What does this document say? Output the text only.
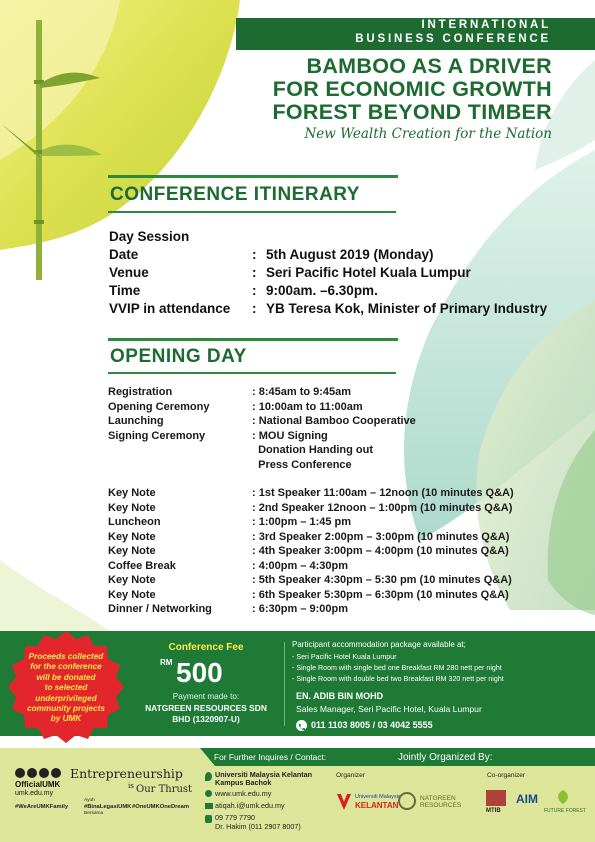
INTERNATIONAL
BUSINESS CONFERENCE
BAMBOO AS A DRIVER
FOR ECONOMIC GROWTH
FOREST BEYOND TIMBER
New Wealth Creation for the Nation
CONFERENCE ITINERARY
Day Session
Date	: 5th August 2019 (Monday)
Venue	: Seri Pacific Hotel Kuala Lumpur
Time	: 9:00am. –6.30pm.
VVIP in attendance : YB Teresa Kok, Minister of Primary Industry
OPENING DAY
Registration	: 8:45am to 9:45am
Opening Ceremony	: 10:00am to 11:00am
Launching	: National Bamboo Cooperative
Signing Ceremony	: MOU Signing
Donation Handing out
Press Conference
Key Note	: 1st Speaker 11:00am – 12noon (10 minutes Q&A)
Key Note	: 2nd Speaker 12noon – 1:00pm (10 minutes Q&A)
Luncheon	: 1:00pm – 1:45 pm
Key Note	: 3rd Speaker 2:00pm – 3:00pm (10 minutes Q&A)
Key Note	: 4th Speaker 3:00pm – 4:00pm (10 minutes Q&A)
Coffee Break	: 4:00pm – 4:30pm
Key Note	: 5th Speaker 4:30pm – 5:30 pm (10 minutes Q&A)
Key Note	: 6th Speaker 5:30pm – 6:30pm (10 minutes Q&A)
Dinner / Networking	: 6:30pm – 9:00pm
Conference Fee
RM 500
Payment made to:
NATGREEN RESOURCES SDN
BHD (1320907-U)
Participant accommodation package available at;
- Seri Pacific Hotel Kuala Lumpur
- Single Room with single bed one Breakfast RM 280 nett per night
- Single Room with double bed two Breakfast RM 320 nett per night
EN. ADIB BIN MOHD
Sales Manager, Seri Pacific Hotel, Kuala Lumpur
011 1103 8005 / 03 4042 5555
Proceeds collected
for the conference
will be donated
to selected
underprivileged
community projects
by UMK
For Further Inquires / Contact:	Jointly Organized By:
OfficialUMK
umk.edu.my
Entrepreneurship
is Our Thrust
#WeAreUMKFamily
Ayuh
#BinaLegasiUMK
Bersama
#OneUMKOneDream
Universiti Malaysia Kelantan
Kampus Bachok
www.umk.edu.my
atiqah.i@umk.edu.my
09 779 7790
Dr. Hakim (011 2907 8007)
Organizer	Co-organizer
Universiti Malaysia
KELANTAN
NATGREEN
RESOURCES
MTIB
AIM
FUTURE FOREST
